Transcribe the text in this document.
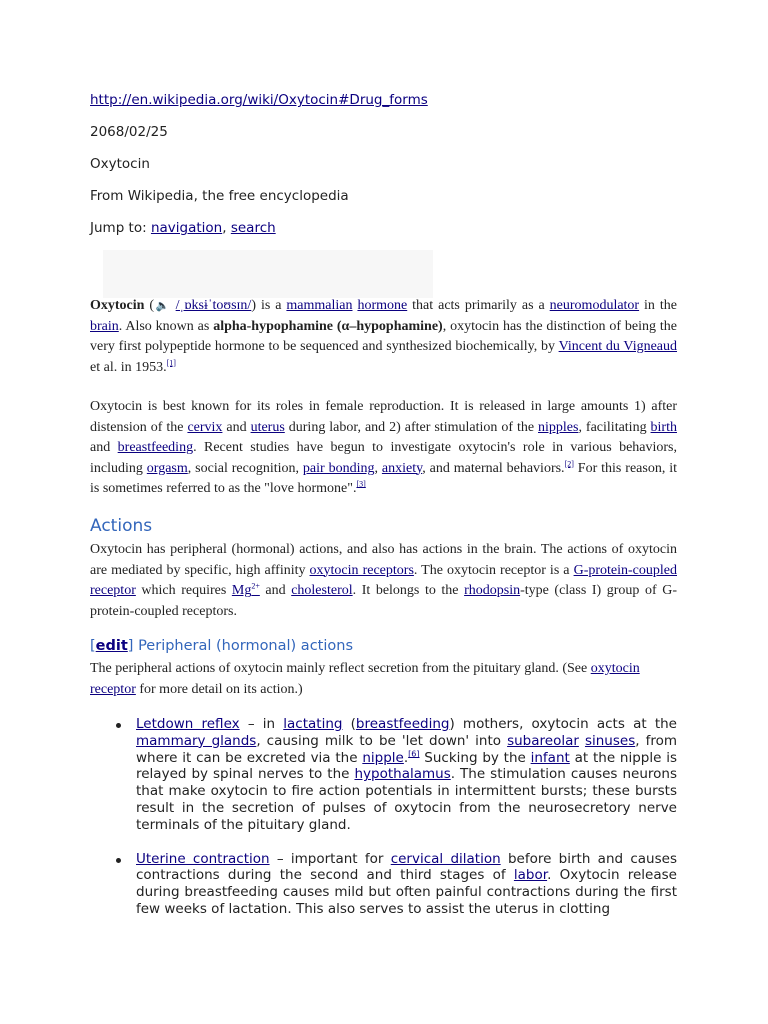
http://en.wikipedia.org/wiki/Oxytocin#Drug_forms
2068/02/25
Oxytocin
From Wikipedia, the free encyclopedia
Jump to: navigation, search

Oxytocin (🔈 /ˌɒksɨˈtoʊsɪn/) is a mammalian hormone that acts primarily as a neuromodulator in the brain. Also known as alpha-hypophamine (α–hypophamine), oxytocin has the distinction of being the very first polypeptide hormone to be sequenced and synthesized biochemically, by Vincent du Vigneaud et al. in 1953.[1]

Oxytocin is best known for its roles in female reproduction. It is released in large amounts 1) after distension of the cervix and uterus during labor, and 2) after stimulation of the nipples, facilitating birth and breastfeeding. Recent studies have begun to investigate oxytocin's role in various behaviors, including orgasm, social recognition, pair bonding, anxiety, and maternal behaviors.[2] For this reason, it is sometimes referred to as the "love hormone".[3]

Actions

Oxytocin has peripheral (hormonal) actions, and also has actions in the brain. The actions of oxytocin are mediated by specific, high affinity oxytocin receptors. The oxytocin receptor is a G-protein-coupled receptor which requires $Mg^{2+}$ and cholesterol. It belongs to the rhodopsin-type (class I) group of G-protein-coupled receptors.

[edit] Peripheral (hormonal) actions

The peripheral actions of oxytocin mainly reflect secretion from the pituitary gland. (See oxytocin receptor for more detail on its action.)

Letdown reflex – in lactating (breastfeeding) mothers, oxytocin acts at the mammary glands, causing milk to be 'let down' into subareolar sinuses, from where it can be excreted via the nipple.[6] Sucking by the infant at the nipple is relayed by spinal nerves to the hypothalamus. The stimulation causes neurons that make oxytocin to fire action potentials in intermittent bursts; these bursts result in the secretion of pulses of oxytocin from the neurosecretory nerve terminals of the pituitary gland.
Uterine contraction – important for cervical dilation before birth and causes contractions during the second and third stages of labor. Oxytocin release during breastfeeding causes mild but often painful contractions during the first few weeks of lactation. This also serves to assist the uterus in clotting
